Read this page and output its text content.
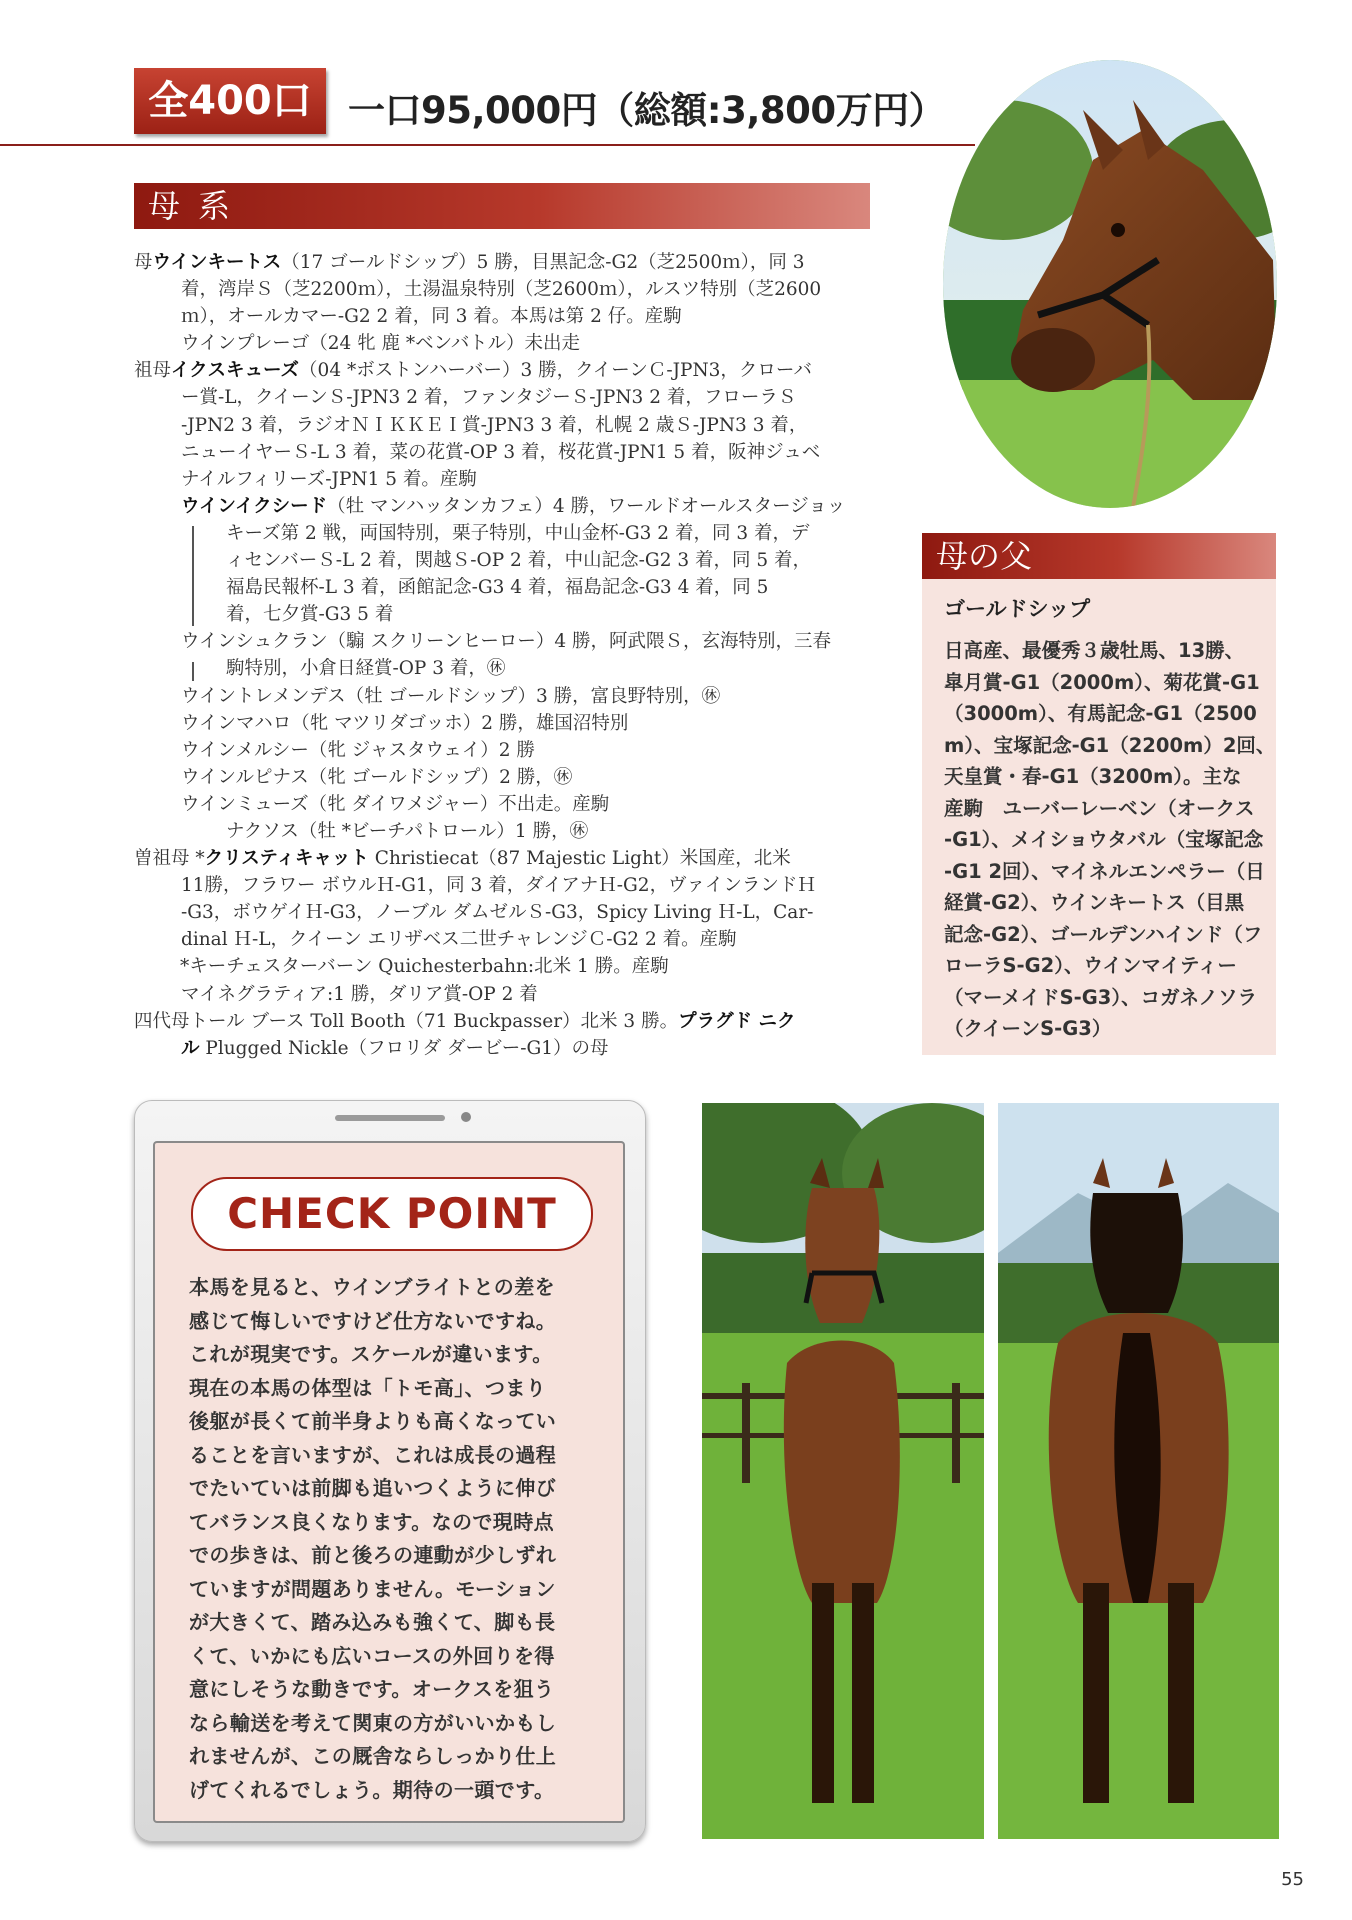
全400口 一口95,000円（総額:3,800万円）
母系
母ウインキートス（17 ゴールドシップ）5 勝，目黒記念-G2（芝2500ｍ），同 3
着，湾岸Ｓ（芝2200ｍ），土湯温泉特別（芝2600ｍ），ルスツ特別（芝2600
ｍ），オールカマー-G2 2 着，同 3 着。本馬は第 2 仔。産駒
ウインプレーゴ（24 牝 鹿 *ベンバトル）未出走
祖母イクスキューズ（04 *ボストンハーバー）3 勝，クイーンＣ-JPN3，クローバ
ー賞-L，クイーンＳ-JPN3 2 着，ファンタジーＳ-JPN3 2 着，フローラＳ
-JPN2 3 着，ラジオＮＩＫＫＥＩ賞-JPN3 3 着，札幌 2 歳Ｓ-JPN3 3 着，
ニューイヤーＳ-L 3 着，菜の花賞-OP 3 着，桜花賞-JPN1 5 着，阪神ジュベ
ナイルフィリーズ-JPN1 5 着。産駒
ウインイクシード（牡 マンハッタンカフェ）4 勝，ワールドオールスタージョッ
キーズ第 2 戦，両国特別，栗子特別，中山金杯-G3 2 着，同 3 着，デ
ィセンバーＳ-L 2 着，関越Ｓ-OP 2 着，中山記念-G2 3 着，同 5 着，
福島民報杯-L 3 着，函館記念-G3 4 着，福島記念-G3 4 着，同 5
着，七夕賞-G3 5 着
ウインシュクラン（騸 スクリーンヒーロー）4 勝，阿武隈Ｓ，玄海特別，三春
駒特別，小倉日経賞-OP 3 着，㊡
ウイントレメンデス（牡 ゴールドシップ）3 勝，富良野特別，㊡
ウインマハロ（牝 マツリダゴッホ）2 勝，雄国沼特別
ウインメルシー（牝 ジャスタウェイ）2 勝
ウインルピナス（牝 ゴールドシップ）2 勝，㊡
ウインミューズ（牝 ダイワメジャー）不出走。産駒
ナクソス（牡 *ビーチパトロール）1 勝，㊡
曽祖母 *クリスティキャット Christiecat（87 Majestic Light）米国産，北米
11勝，フラワー ボウルＨ-G1，同 3 着，ダイアナＨ-G2，ヴァインランドＨ
-G3，ボウゲイＨ-G3，ノーブル ダムゼルＳ-G3，Spicy Living Ｈ-L，Car-
dinal Ｈ-L，クイーン エリザベス二世チャレンジＣ-G2 2 着。産駒
*キーチェスターバーン Quichesterbahn:北米 1 勝。産駒
マイネグラティア:1 勝，ダリア賞-OP 2 着
四代母トール ブース Toll Booth（71 Buckpasser）北米 3 勝。プラグド ニク
ル Plugged Nickle（フロリダ ダービー-G1）の母
母の父
ゴールドシップ
日高産、最優秀３歳牡馬、13勝、
皐月賞-G1（2000m）、菊花賞-G1
（3000m）、有馬記念-G1（2500
m）、宝塚記念-G1（2200m）2回、
天皇賞・春-G1（3200m）。主な
産駒　ユーバーレーベン（オークス
-G1）、メイショウタバル（宝塚記念
-G1 2回）、マイネルエンペラー（日
経賞-G2）、ウインキートス（目黒
記念-G2）、ゴールデンハインド（フ
ローラS-G2）、ウインマイティー
（マーメイドS-G3）、コガネノソラ
（クイーンS-G3）
CHECK POINT
本馬を見ると、ウインブライトとの差を
感じて悔しいですけど仕方ないですね。
これが現実です。スケールが違います。
現在の本馬の体型は「トモ高」、つまり
後躯が長くて前半身よりも高くなってい
ることを言いますが、これは成長の過程
でたいていは前脚も追いつくように伸び
てバランス良くなります。なので現時点
での歩きは、前と後ろの連動が少しずれ
ていますが問題ありません。モーション
が大きくて、踏み込みも強くて、脚も長
くて、いかにも広いコースの外回りを得
意にしそうな動きです。オークスを狙う
なら輸送を考えて関東の方がいいかもし
れませんが、この厩舎ならしっかり仕上
げてくれるでしょう。期待の一頭です。
55
